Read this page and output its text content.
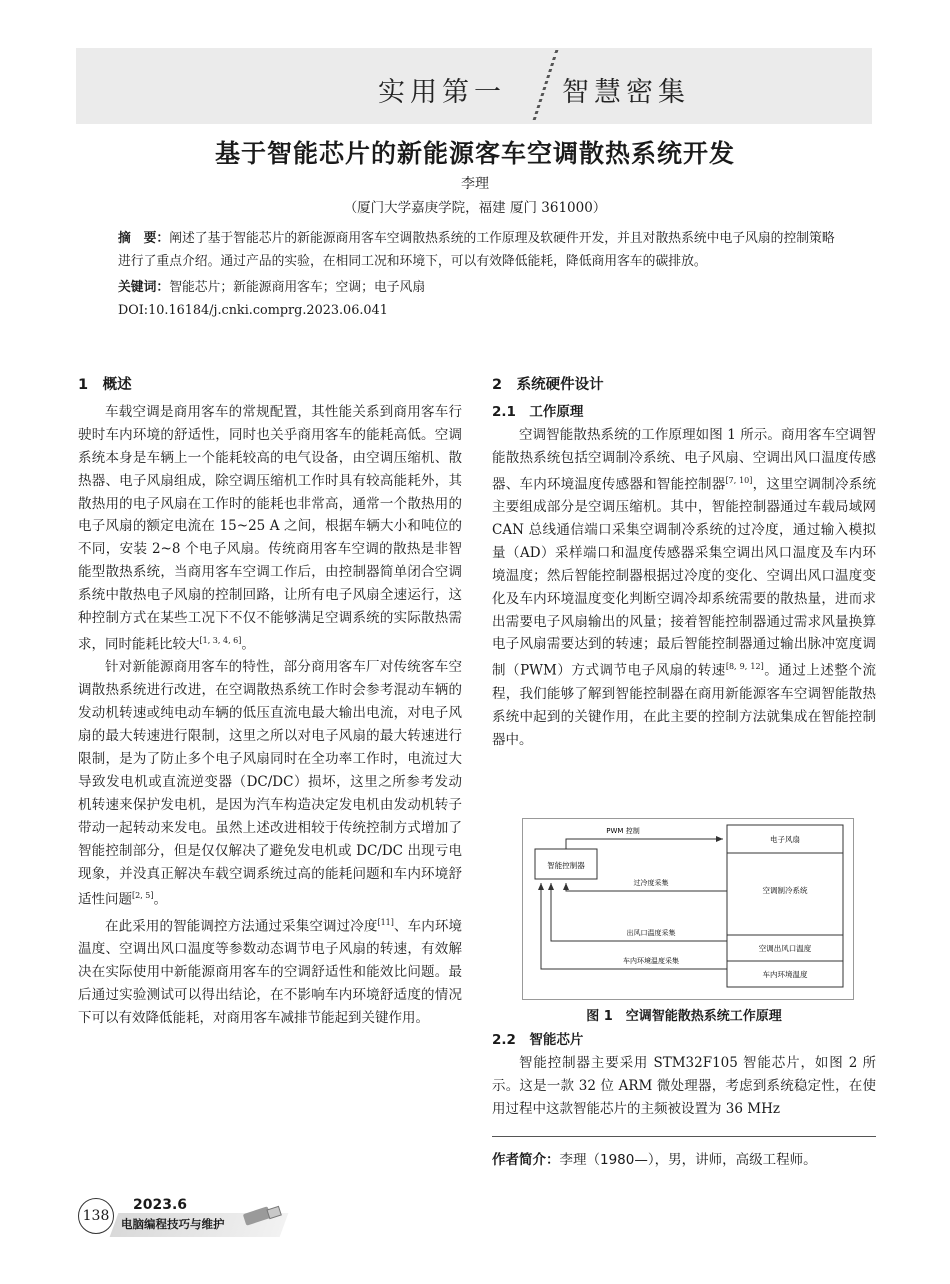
实用第一 智慧密集
基于智能芯片的新能源客车空调散热系统开发
李理
（厦门大学嘉庚学院，福建 厦门 361000）
摘　要：阐述了基于智能芯片的新能源商用客车空调散热系统的工作原理及软硬件开发，并且对散热系统中电子风扇的控制策略进行了重点介绍。通过产品的实验，在相同工况和环境下，可以有效降低能耗，降低商用客车的碳排放。
关键词：智能芯片；新能源商用客车；空调；电子风扇
DOI:10.16184/j.cnki.comprg.2023.06.041
1　概述

车载空调是商用客车的常规配置，其性能关系到商用客车行驶时车内环境的舒适性，同时也关乎商用客车的能耗高低。空调系统本身是车辆上一个能耗较高的电气设备，由空调压缩机、散热器、电子风扇组成，除空调压缩机工作时具有较高能耗外，其散热用的电子风扇在工作时的能耗也非常高，通常一个散热用的电子风扇的额定电流在 15~25 A 之间，根据车辆大小和吨位的不同，安装 2~8 个电子风扇。传统商用客车空调的散热是非智能型散热系统，当商用客车空调工作后，由控制器简单闭合空调系统中散热电子风扇的控制回路，让所有电子风扇全速运行，这种控制方式在某些工况下不仅不能够满足空调系统的实际散热需求，同时能耗比较大[1, 3, 4, 6]。

针对新能源商用客车的特性，部分商用客车厂对传统客车空调散热系统进行改进，在空调散热系统工作时会参考混动车辆的发动机转速或纯电动车辆的低压直流电最大输出电流，对电子风扇的最大转速进行限制，这里之所以对电子风扇的最大转速进行限制，是为了防止多个电子风扇同时在全功率工作时，电流过大导致发电机或直流逆变器（DC/DC）损坏，这里之所参考发动机转速来保护发电机，是因为汽车构造决定发电机由发动机转子带动一起转动来发电。虽然上述改进相较于传统控制方式增加了智能控制部分，但是仅仅解决了避免发电机或 DC/DC 出现亏电现象，并没真正解决车载空调系统过高的能耗问题和车内环境舒适性问题[2, 5]。

在此采用的智能调控方法通过采集空调过冷度[11]、车内环境温度、空调出风口温度等参数动态调节电子风扇的转速，有效解决在实际使用中新能源商用客车的空调舒适性和能效比问题。最后通过实验测试可以得出结论，在不影响车内环境舒适度的情况下可以有效降低能耗，对商用客车减排节能起到关键作用。

2　系统硬件设计
2.1　工作原理

空调智能散热系统的工作原理如图 1 所示。商用客车空调智能散热系统包括空调制冷系统、电子风扇、空调出风口温度传感器、车内环境温度传感器和智能控制器[7, 10]，这里空调制冷系统主要组成部分是空调压缩机。其中，智能控制器通过车载局域网 CAN 总线通信端口采集空调制冷系统的过冷度，通过输入模拟量（AD）采样端口和温度传感器采集空调出风口温度及车内环境温度；然后智能控制器根据过冷度的变化、空调出风口温度变化及车内环境温度变化判断空调冷却系统需要的散热量，进而求出需要电子风扇输出的风量；接着智能控制器通过需求风量换算电子风扇需要达到的转速；最后智能控制器通过输出脉冲宽度调制（PWM）方式调节电子风扇的转速[8, 9, 12]。通过上述整个流程，我们能够了解到智能控制器在商用新能源客车空调智能散热系统中起到的关键作用，在此主要的控制方法就集成在智能控制器中。

智能控制器
电子风扇
空调制冷系统
空调出风口温度
车内环境温度
PWM 控制
过冷度采集
出风口温度采集
车内环境温度采集
图 1　空调智能散热系统工作原理
2.2　智能芯片

智能控制器主要采用 STM32F105 智能芯片，如图 2 所示。这是一款 32 位 ARM 微处理器，考虑到系统稳定性，在使用过程中这款智能芯片的主频被设置为 36 MHz

作者简介：李理（1980—），男，讲师，高级工程师。
138
2023.6
电脑编程技巧与维护
